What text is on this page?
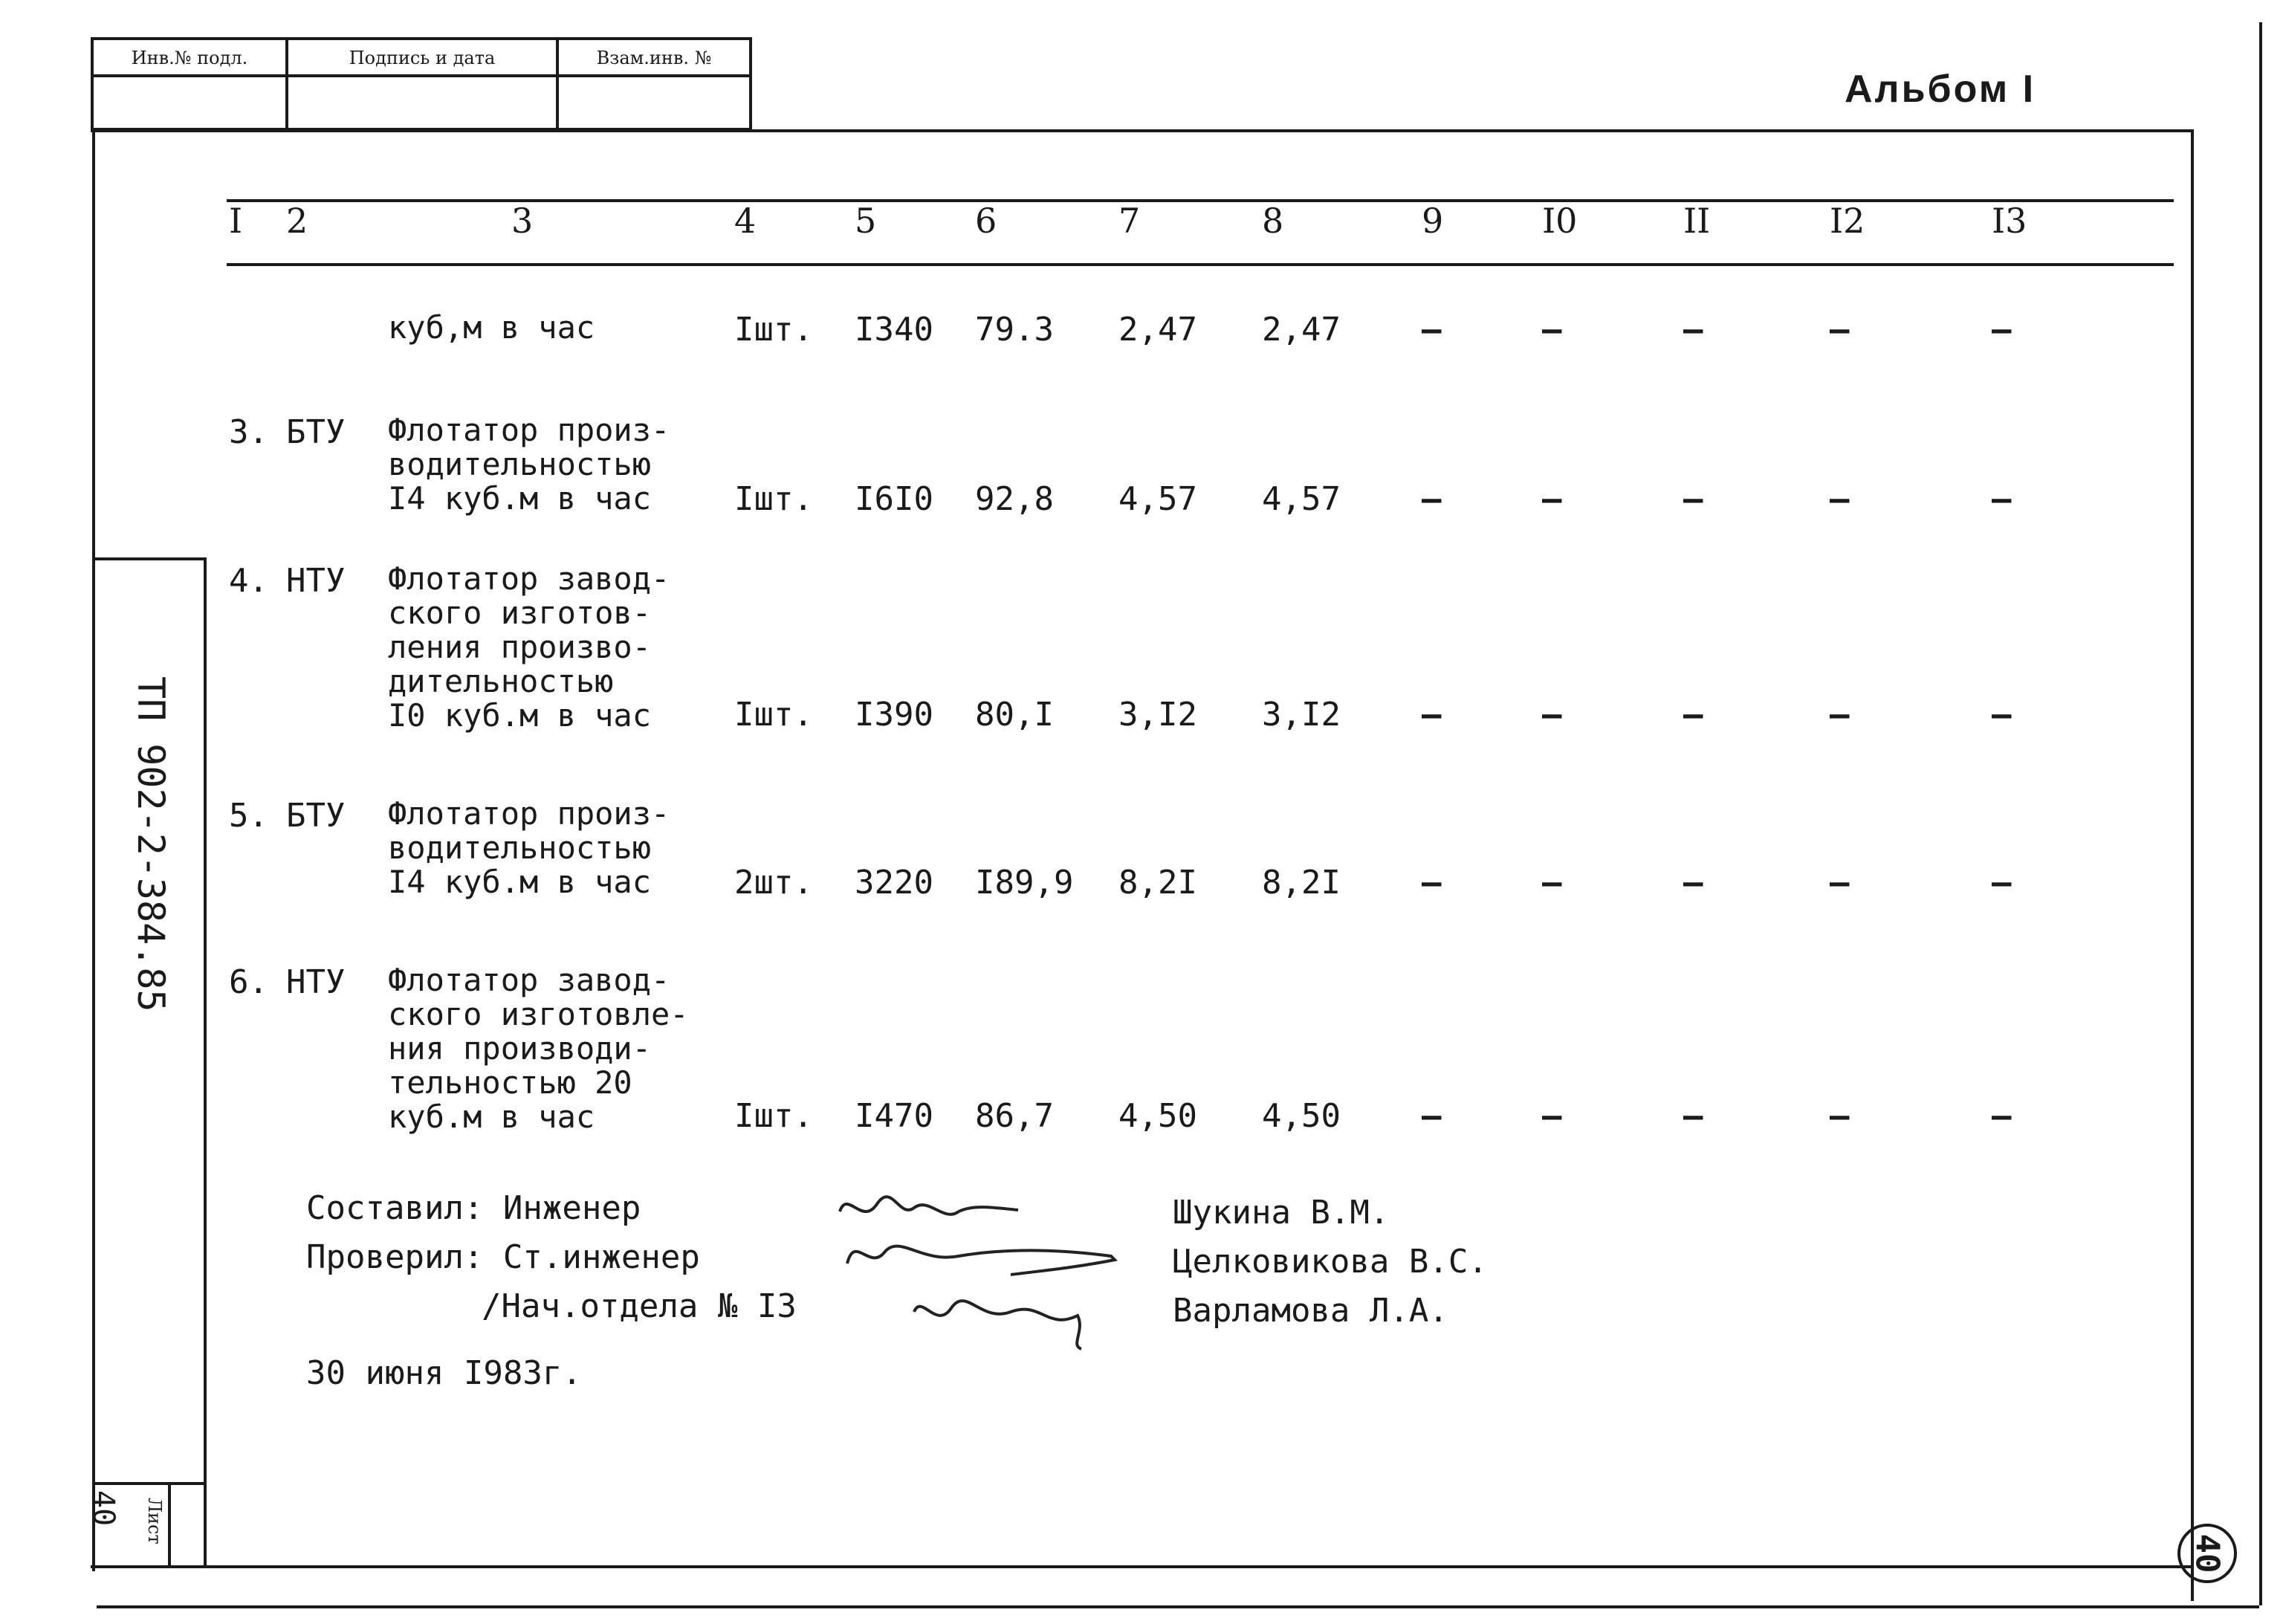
Инв.№ подл.	Подпись и дата	Взам.инв. №
Альбом I
I 2	3	4	5	6	7	8	9	I0	II	I2	I3
куб,м в час	Iшт. I340 79.3 2,47 2,47 –	–	–	–	–
3. БТУ Флотатор произ-
водительностью
I4 куб.м в час	Iшт. I6I0 92,8 4,57 4,57 –	–	–	–	–
4. НТУ Флотатор завод-
ского изготов-
ления произво-
дительностью
I0 куб.м в час	Iшт. I390 80,I 3,I2 3,I2 –	–	–	–	–
5. БТУ Флотатор произ-
водительностью
I4 куб.м в час	2шт. 3220 I89,9 8,2I 8,2I –	–	–	–	–
6. НТУ Флотатор завод-
ского изготовле-
ния производи-
тельностью 20
куб.м в час	Iшт. I470 86,7 4,50 4,50 –	–	–	–	–
ТП 902-2-384.85
Лист
40
Составил: Инженер
Проверил: Ст.инженер
/Нач.отдела № I3
Шукина В.М.
Целковикова В.С.
Варламова Л.А.
30 июня I983г.
40
